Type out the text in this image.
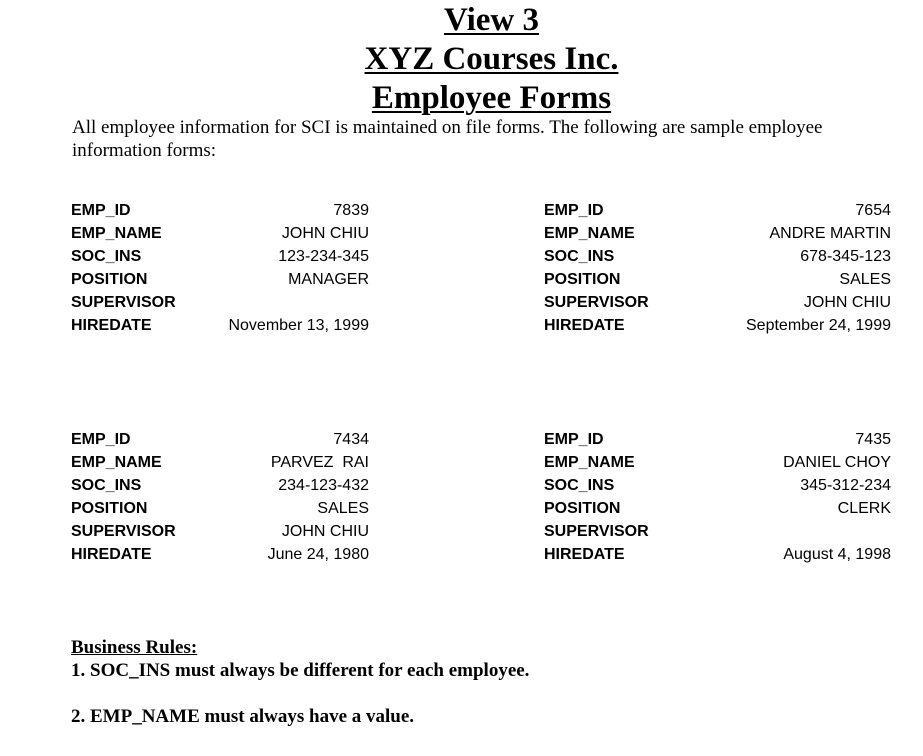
View 3
XYZ Courses Inc.
Employee Forms
All employee information for SCI is maintained on file forms. The following are sample employee information forms:
EMP_ID	7839
EMP_NAME	JOHN CHIU
SOC_INS	123-234-345
POSITION	MANAGER
SUPERVISOR
HIREDATE	November 13, 1999
EMP_ID	7654
EMP_NAME	ANDRE MARTIN
SOC_INS	678-345-123
POSITION	SALES
SUPERVISOR	JOHN CHIU
HIREDATE	September 24, 1999
EMP_ID	7434
EMP_NAME	PARVEZ  RAI
SOC_INS	234-123-432
POSITION	SALES
SUPERVISOR	JOHN CHIU
HIREDATE	June 24, 1980
EMP_ID	7435
EMP_NAME	DANIEL CHOY
SOC_INS	345-312-234
POSITION	CLERK
SUPERVISOR
HIREDATE	August 4, 1998
Business Rules:
1. SOC_INS must always be different for each employee.
2. EMP_NAME must always have a value.
